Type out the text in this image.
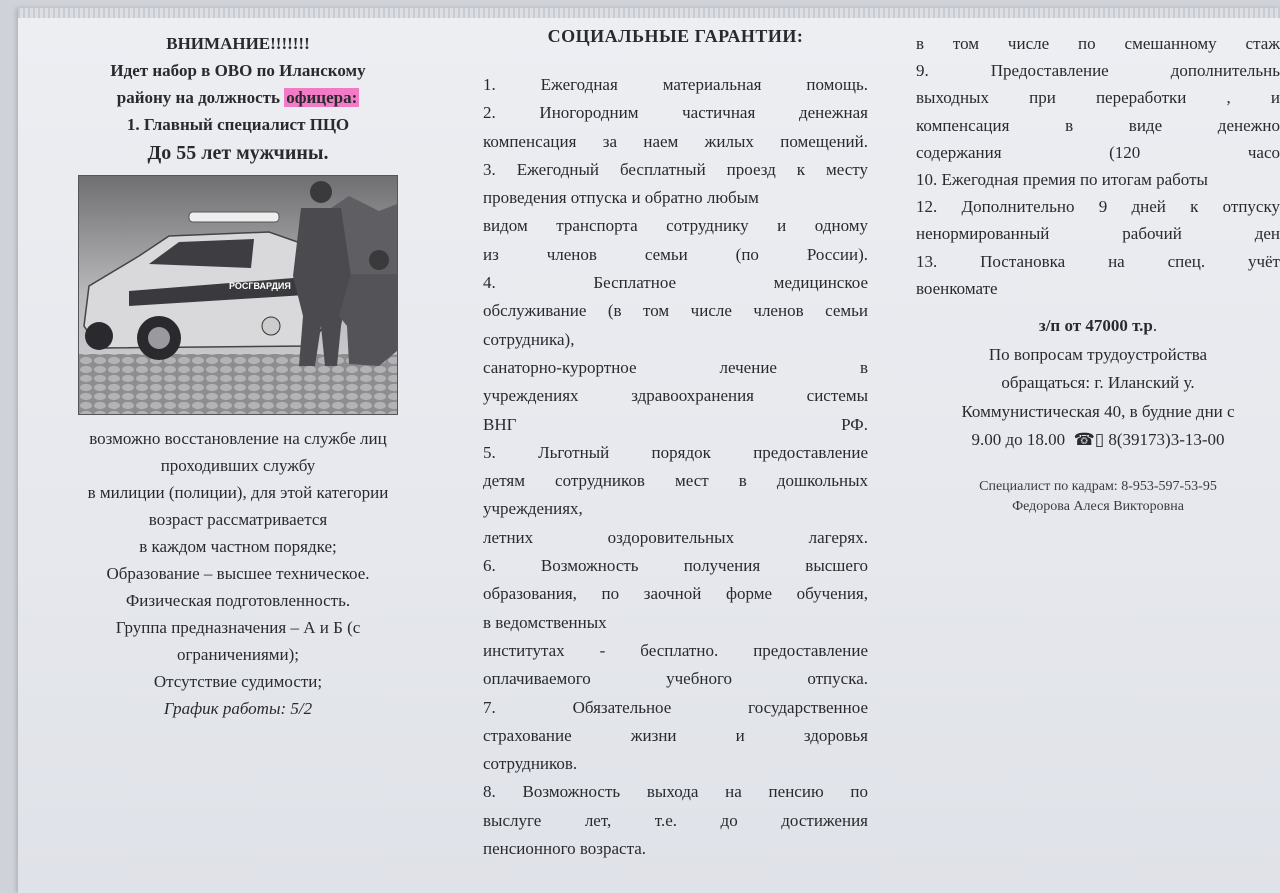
ВНИМАНИЕ!!!!!!!
Идет набор в ОВО по Иланскому
району на должность офицера:
1. Главный специалист ПЦО
До 55 лет мужчины.
РОСГВАРДИЯ
возможно восстановление на службе лиц
проходивших службу
в милиции (полиции), для этой категории
возраст рассматривается
в каждом частном порядке;
Образование – высшее техническое.
Физическая подготовленность.
Группа предназначения – А и Б (с
ограничениями);
Отсутствие судимости;
График работы: 5/2
СОЦИАЛЬНЫЕ ГАРАНТИИ:
1. Ежегодная материальная помощь.
2. Иногородним частичная денежная
компенсация за наем жилых помещений.
3. Ежегодный бесплатный проезд к месту
проведения отпуска и обратно любым
видом транспорта сотруднику и одному
из членов семьи (по России).
4. Бесплатное медицинское
обслуживание (в том числе членов семьи
сотрудника),
санаторно-курортное лечение в
учреждениях здравоохранения системы
ВНГ РФ.
5. Льготный порядок предоставление
детям сотрудников мест в дошкольных
учреждениях,
летних оздоровительных лагерях.
6. Возможность получения высшего
образования, по заочной форме обучения,
в ведомственных
институтах - бесплатно. предоставление
оплачиваемого учебного отпуска.
7. Обязательное государственное
страхование жизни и здоровья
сотрудников.
8. Возможность выхода на пенсию по
выслуге лет, т.е. до достижения
пенсионного возраста.
в том числе по смешанному стаж
9. Предоставление дополнительнь
выходных при переработки , и
компенсация в виде денежно
содержания (120 часо
10. Ежегодная премия по итогам работы
12. Дополнительно 9 дней к отпуску
ненормированный рабочий ден
13. Постановка на спец. учёт
военкомате
з/п от 47000 т.р.
По вопросам трудоустройства
обращаться: г. Иланский у.
Коммунистическая 40, в будние дни с
9.00 до 18.00 ☎▯ 8(39173)3-13-00
Специалист по кадрам: 8-953-597-53-95
Федорова Алеся Викторовна
